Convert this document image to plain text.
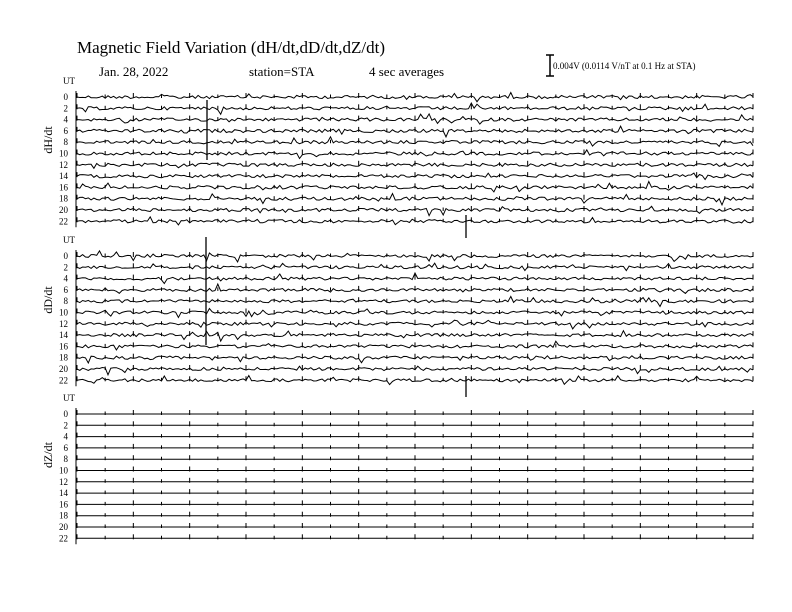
Magnetic Field Variation (dH/dt,dD/dt,dZ/dt)
Jan. 28, 2022	station=STA	4 sec averages	0.004V (0.0114 V/nT at 0.1 Hz at STA)
UT
dH/dt
0
2
4
6
8
10
12
14
16
18
20
22
UT
dD/dt
0
2
4
6
8
10
12
14
16
18
20
22
UT
dZ/dt
0
2
4
6
8
10
12
14
16
18
20
22
